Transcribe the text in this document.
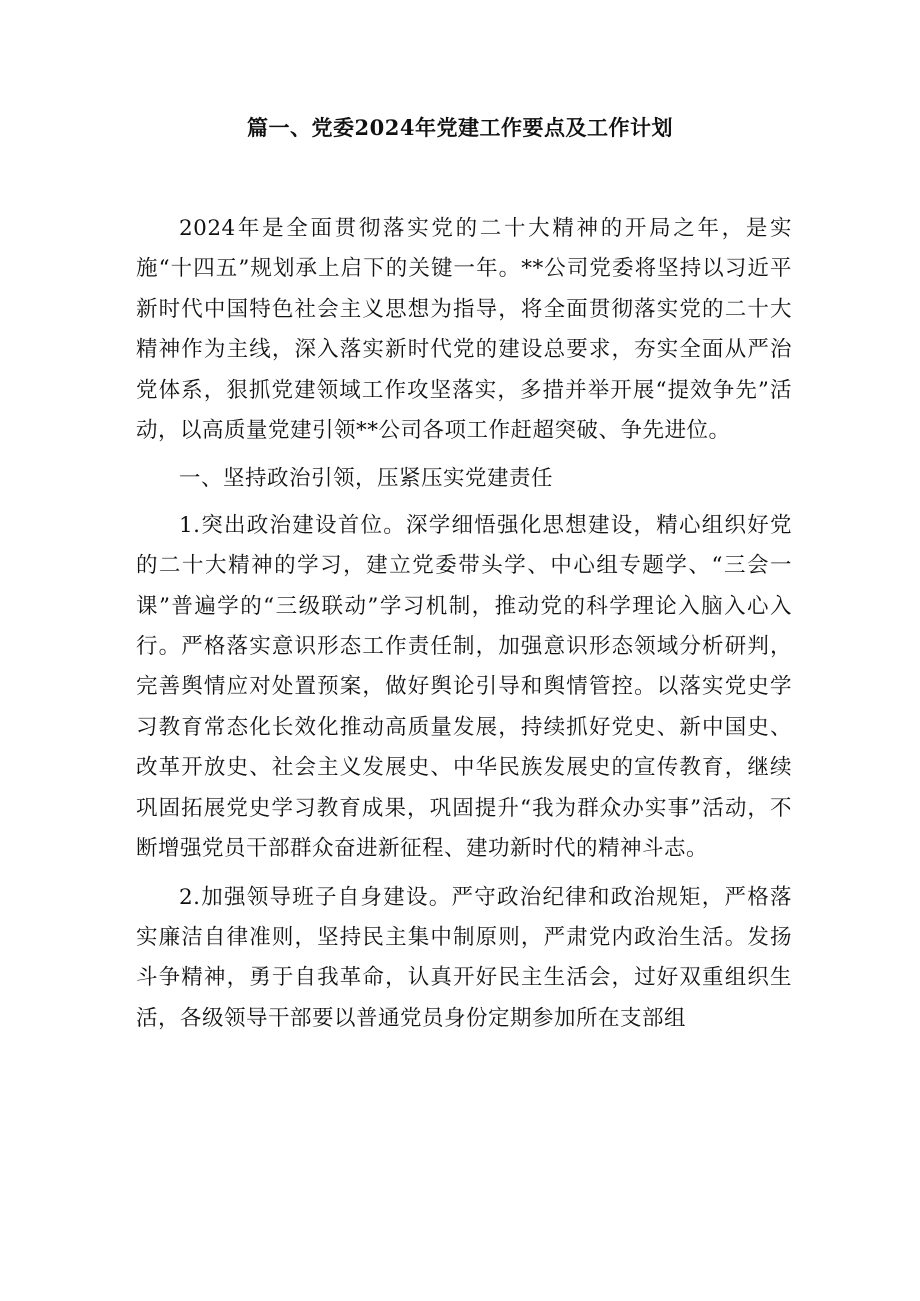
篇一、党委2024年党建工作要点及工作计划

2024年是全面贯彻落实党的二十大精神的开局之年，是实施“十四五”规划承上启下的关键一年。**公司党委将坚持以习近平新时代中国特色社会主义思想为指导，将全面贯彻落实党的二十大精神作为主线，深入落实新时代党的建设总要求，夯实全面从严治党体系，狠抓党建领域工作攻坚落实，多措并举开展“提效争先”活动，以高质量党建引领**公司各项工作赶超突破、争先进位。

一、坚持政治引领，压紧压实党建责任

1.突出政治建设首位。深学细悟强化思想建设，精心组织好党的二十大精神的学习，建立党委带头学、中心组专题学、“三会一课”普遍学的“三级联动”学习机制，推动党的科学理论入脑入心入行。严格落实意识形态工作责任制，加强意识形态领域分析研判，完善舆情应对处置预案，做好舆论引导和舆情管控。以落实党史学习教育常态化长效化推动高质量发展，持续抓好党史、新中国史、改革开放史、社会主义发展史、中华民族发展史的宣传教育，继续巩固拓展党史学习教育成果，巩固提升“我为群众办实事”活动，不断增强党员干部群众奋进新征程、建功新时代的精神斗志。

2.加强领导班子自身建设。严守政治纪律和政治规矩，严格落实廉洁自律准则，坚持民主集中制原则，严肃党内政治生活。发扬斗争精神，勇于自我革命，认真开好民主生活会，过好双重组织生活，各级领导干部要以普通党员身份定期参加所在支部组
